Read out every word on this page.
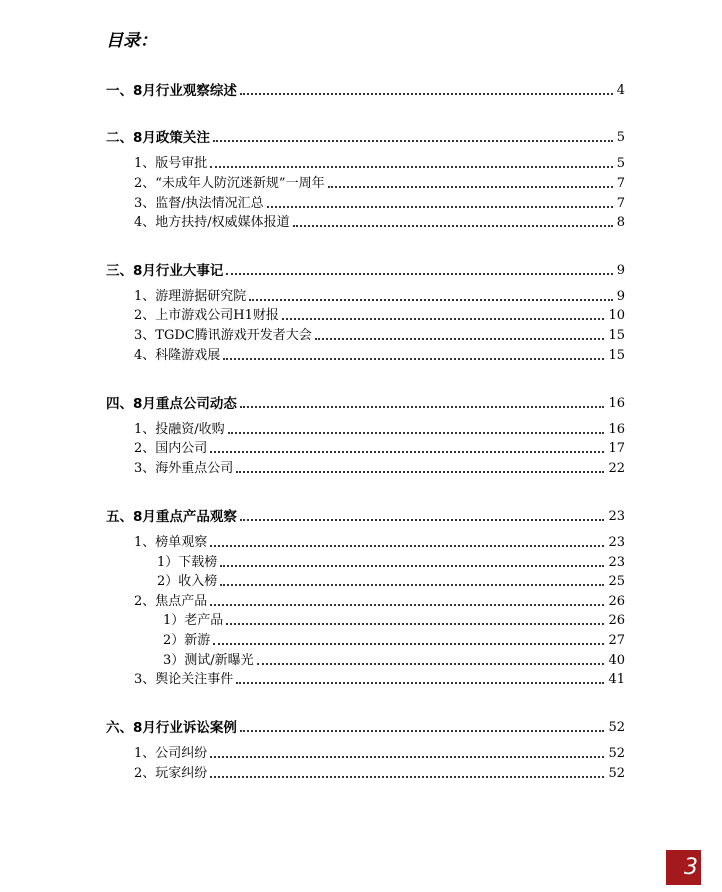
目录：
一、8月行业观察综述	4
二、8月政策关注	5
1、版号审批	5
2、“未成年人防沉迷新规”一周年	7
3、监督/执法情况汇总	7
4、地方扶持/权威媒体报道	8
三、8月行业大事记	9
1、游理游据研究院	9
2、上市游戏公司H1财报	10
3、TGDC腾讯游戏开发者大会	15
4、科隆游戏展	15
四、8月重点公司动态	16
1、投融资/收购	16
2、国内公司	17
3、海外重点公司	22
五、8月重点产品观察	23
1、榜单观察	23
1）下载榜	23
2）收入榜	25
2、焦点产品	26
1）老产品	26
2）新游	27
3）测试/新曝光	40
3、舆论关注事件	41
六、8月行业诉讼案例	52
1、公司纠纷	52
2、玩家纠纷	52
3
